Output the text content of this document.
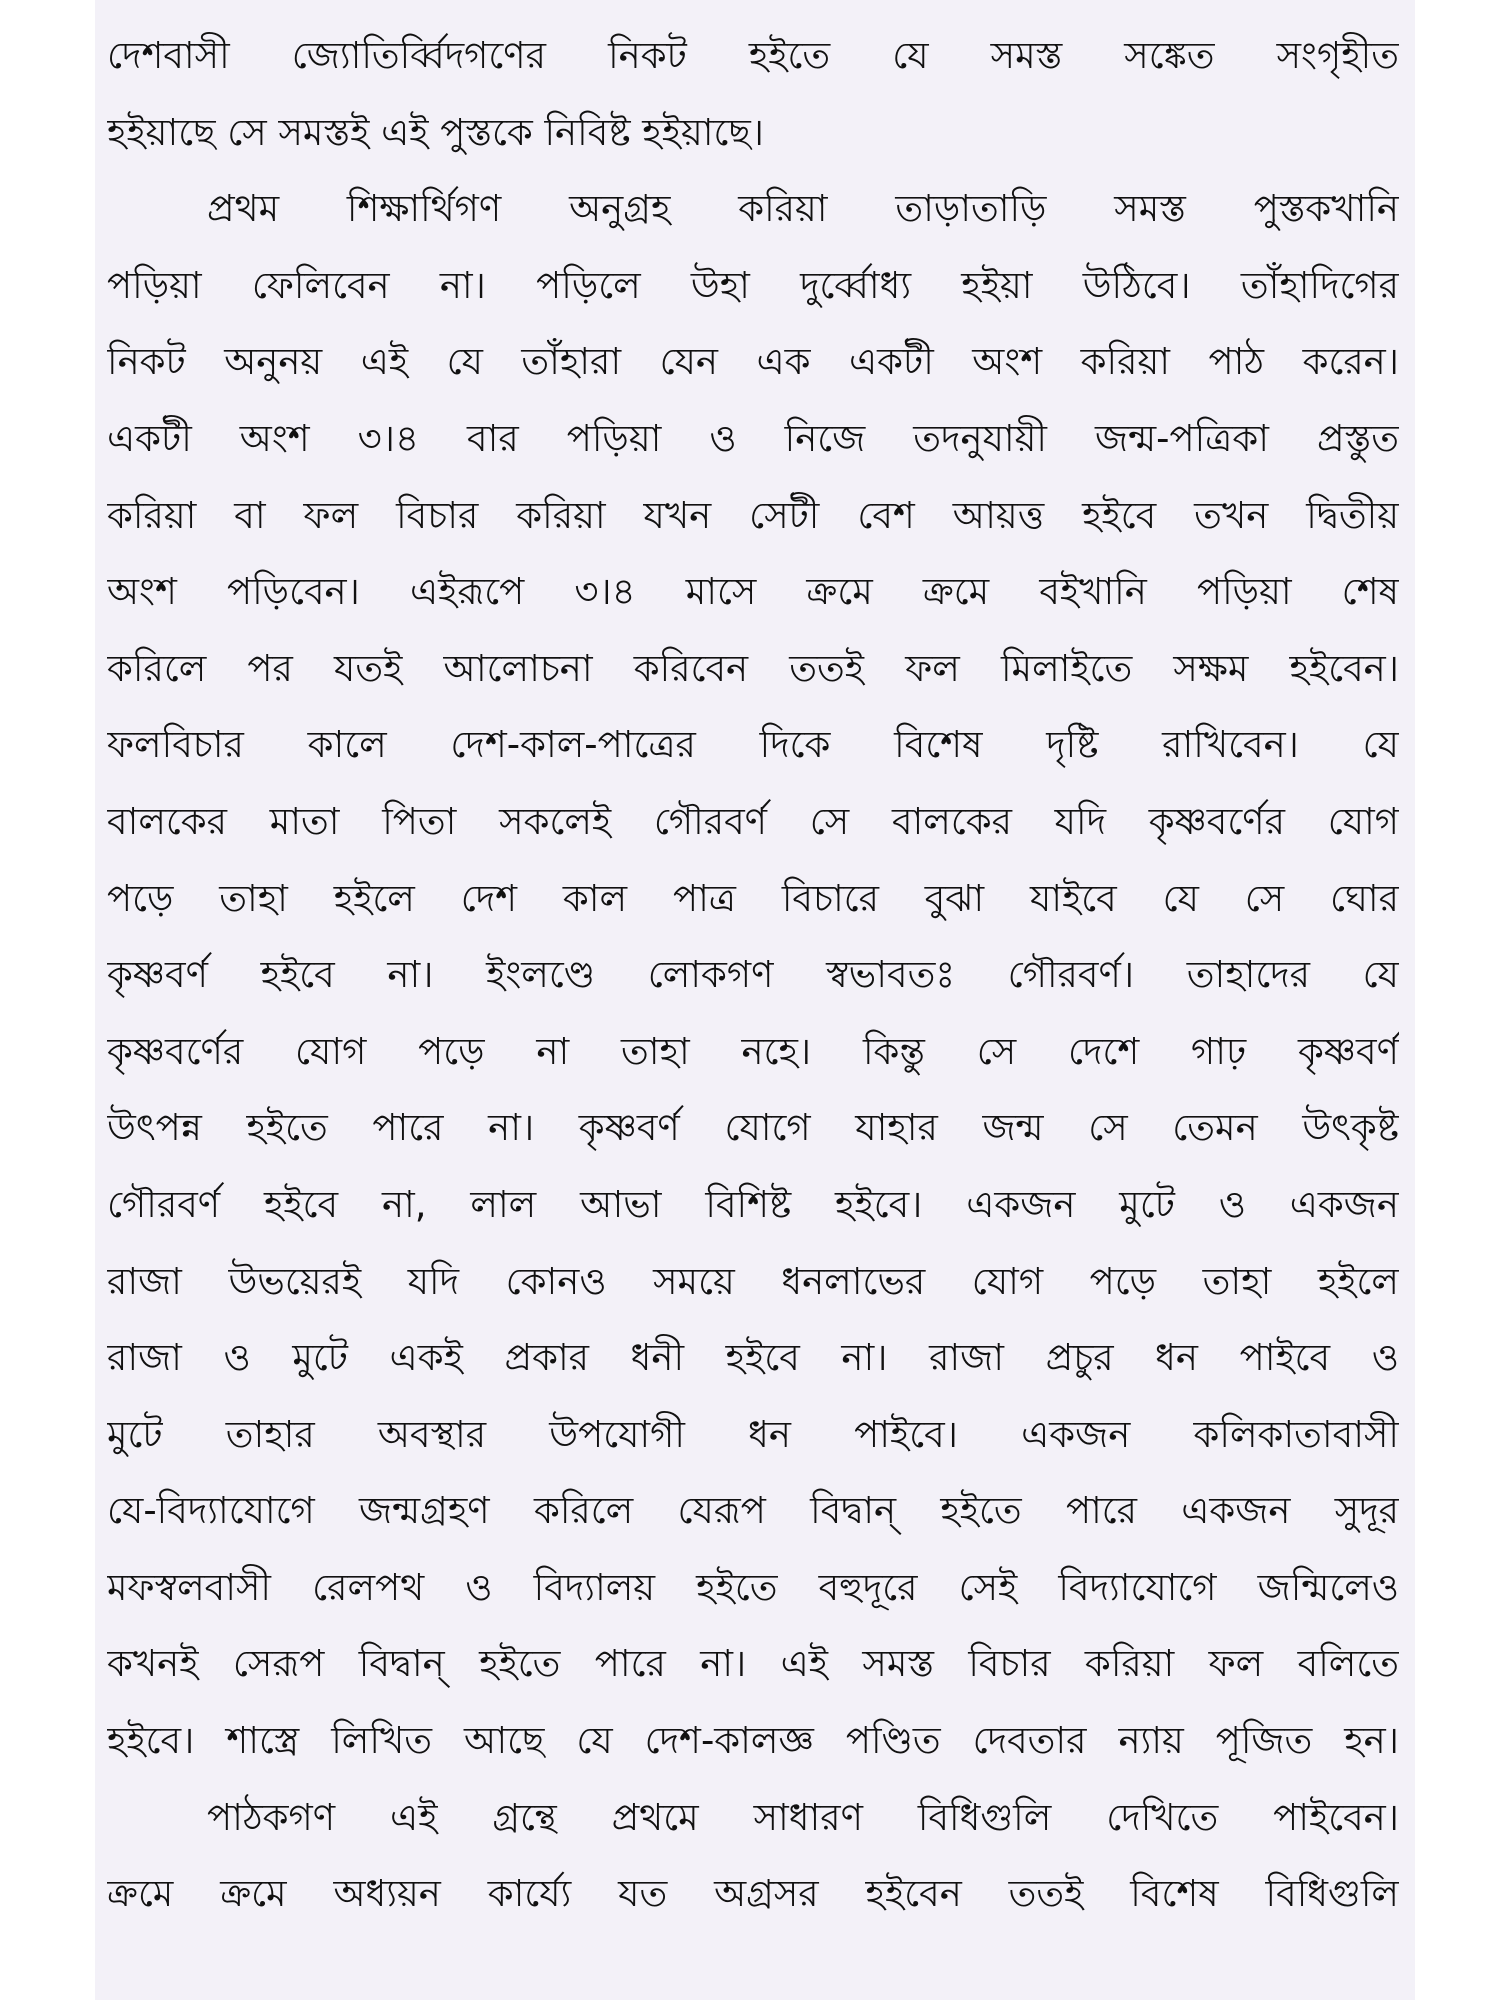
দেশবাসী জ্যোতির্ব্বিদগণের নিকট হইতে যে সমস্ত সঙ্কেত সংগৃহীত
হইয়াছে সে সমস্তই এই পুস্তকে নিবিষ্ট হইয়াছে।
প্রথম শিক্ষার্থিগণ অনুগ্রহ করিয়া তাড়াতাড়ি সমস্ত পুস্তকখানি
পড়িয়া ফেলিবেন না। পড়িলে উহা দুর্ব্বোধ্য হইয়া উঠিবে। তাঁহাদিগের
নিকট অনুনয় এই যে তাঁহারা যেন এক একটী অংশ করিয়া পাঠ করেন।
একটী অংশ ৩।৪ বার পড়িয়া ও নিজে তদনুযায়ী জন্ম-পত্রিকা প্রস্তুত
করিয়া বা ফল বিচার করিয়া যখন সেটী বেশ আয়ত্ত হইবে তখন দ্বিতীয়
অংশ পড়িবেন। এইরূপে ৩।৪ মাসে ক্রমে ক্রমে বইখানি পড়িয়া শেষ
করিলে পর যতই আলোচনা করিবেন ততই ফল মিলাইতে সক্ষম হইবেন।
ফলবিচার কালে দেশ-কাল-পাত্রের দিকে বিশেষ দৃষ্টি রাখিবেন। যে
বালকের মাতা পিতা সকলেই গৌরবর্ণ সে বালকের যদি কৃষ্ণবর্ণের যোগ
পড়ে তাহা হইলে দেশ কাল পাত্র বিচারে বুঝা যাইবে যে সে ঘোর
কৃষ্ণবর্ণ হইবে না। ইংলণ্ডে লোকগণ স্বভাবতঃ গৌরবর্ণ। তাহাদের যে
কৃষ্ণবর্ণের যোগ পড়ে না তাহা নহে। কিন্তু সে দেশে গাঢ় কৃষ্ণবর্ণ
উৎপন্ন হইতে পারে না। কৃষ্ণবর্ণ যোগে যাহার জন্ম সে তেমন উৎকৃষ্ট
গৌরবর্ণ হইবে না, লাল আভা বিশিষ্ট হইবে। একজন মুটে ও একজন
রাজা উভয়েরই যদি কোনও সময়ে ধনলাভের যোগ পড়ে তাহা হইলে
রাজা ও মুটে একই প্রকার ধনী হইবে না। রাজা প্রচুর ধন পাইবে ও
মুটে তাহার অবস্থার উপযোগী ধন পাইবে। একজন কলিকাতাবাসী
যে-বিদ্যাযোগে জন্মগ্রহণ করিলে যেরূপ বিদ্বান্ হইতে পারে একজন সুদূর
মফস্বলবাসী রেলপথ ও বিদ্যালয় হইতে বহুদূরে সেই বিদ্যাযোগে জন্মিলেও
কখনই সেরূপ বিদ্বান্ হইতে পারে না। এই সমস্ত বিচার করিয়া ফল বলিতে
হইবে। শাস্ত্রে লিখিত আছে যে দেশ-কালজ্ঞ পণ্ডিত দেবতার ন্যায় পূজিত হন।
পাঠকগণ এই গ্রন্থে প্রথমে সাধারণ বিধিগুলি দেখিতে পাইবেন।
ক্রমে ক্রমে অধ্যয়ন কার্য্যে যত অগ্রসর হইবেন ততই বিশেষ বিধিগুলি
